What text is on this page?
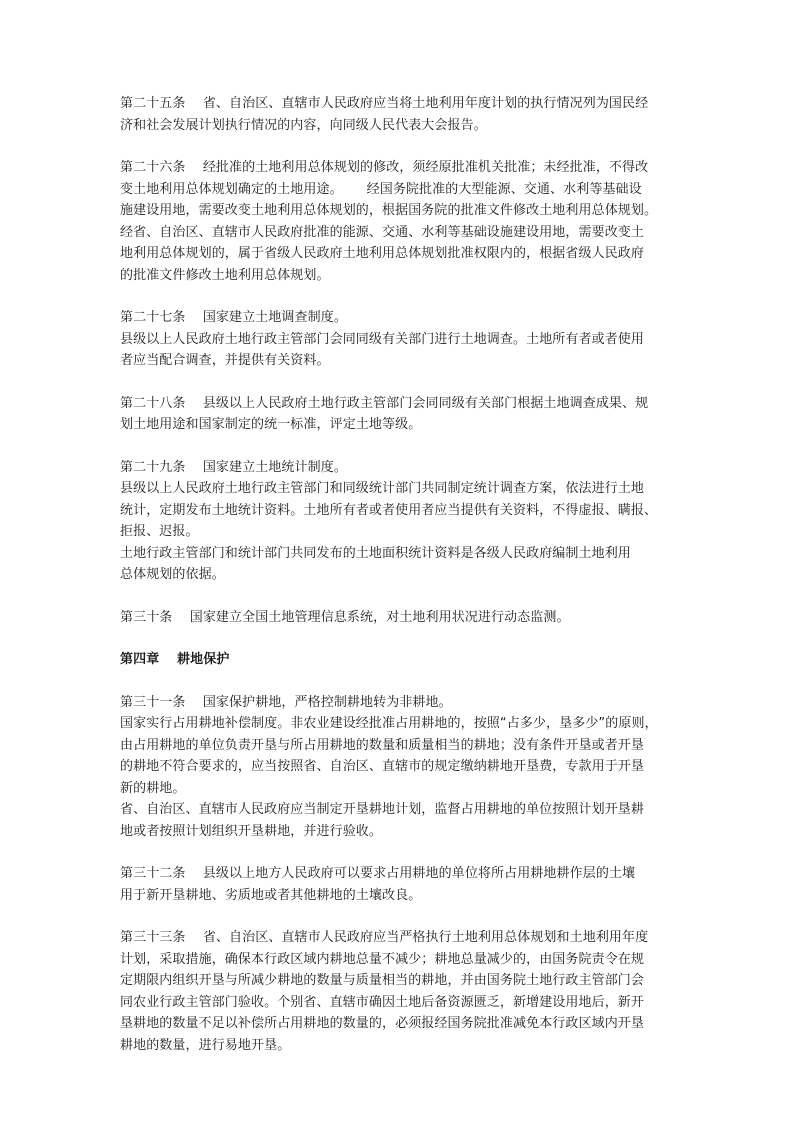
第二十五条　 省、自治区、直辖市人民政府应当将土地利用年度计划的执行情况列为国民经
济和社会发展计划执行情况的内容，向同级人民代表大会报告。
第二十六条　 经批准的土地利用总体规划的修改，须经原批准机关批准；未经批准，不得改
变土地利用总体规划确定的土地用途。　　 经国务院批准的大型能源、交通、水利等基础设
施建设用地，需要改变土地利用总体规划的，根据国务院的批准文件修改土地利用总体规划。
经省、自治区、直辖市人民政府批准的能源、交通、水利等基础设施建设用地，需要改变土
地利用总体规划的，属于省级人民政府土地利用总体规划批准权限内的，根据省级人民政府
的批准文件修改土地利用总体规划。
第二十七条　 国家建立土地调查制度。
县级以上人民政府土地行政主管部门会同同级有关部门进行土地调查。土地所有者或者使用
者应当配合调查，并提供有关资料。
第二十八条　 县级以上人民政府土地行政主管部门会同同级有关部门根据土地调查成果、规
划土地用途和国家制定的统一标准，评定土地等级。
第二十九条　 国家建立土地统计制度。
县级以上人民政府土地行政主管部门和同级统计部门共同制定统计调查方案，依法进行土地
统计，定期发布土地统计资料。土地所有者或者使用者应当提供有关资料，不得虚报、瞒报、
拒报、迟报。
土地行政主管部门和统计部门共同发布的土地面积统计资料是各级人民政府编制土地利用
总体规划的依据。
第三十条　 国家建立全国土地管理信息系统，对土地利用状况进行动态监测。
第四章　 耕地保护
第三十一条　 国家保护耕地，严格控制耕地转为非耕地。
国家实行占用耕地补偿制度。非农业建设经批准占用耕地的，按照“占多少，垦多少”的原则，
由占用耕地的单位负责开垦与所占用耕地的数量和质量相当的耕地；没有条件开垦或者开垦
的耕地不符合要求的，应当按照省、自治区、直辖市的规定缴纳耕地开垦费，专款用于开垦
新的耕地。
省、自治区、直辖市人民政府应当制定开垦耕地计划，监督占用耕地的单位按照计划开垦耕
地或者按照计划组织开垦耕地，并进行验收。
第三十二条　 县级以上地方人民政府可以要求占用耕地的单位将所占用耕地耕作层的土壤
用于新开垦耕地、劣质地或者其他耕地的土壤改良。
第三十三条　 省、自治区、直辖市人民政府应当严格执行土地利用总体规划和土地利用年度
计划，采取措施，确保本行政区域内耕地总量不减少；耕地总量减少的，由国务院责令在规
定期限内组织开垦与所减少耕地的数量与质量相当的耕地，并由国务院土地行政主管部门会
同农业行政主管部门验收。个别省、直辖市确因土地后备资源匮乏，新增建设用地后，新开
垦耕地的数量不足以补偿所占用耕地的数量的，必须报经国务院批准减免本行政区域内开垦
耕地的数量，进行易地开垦。
